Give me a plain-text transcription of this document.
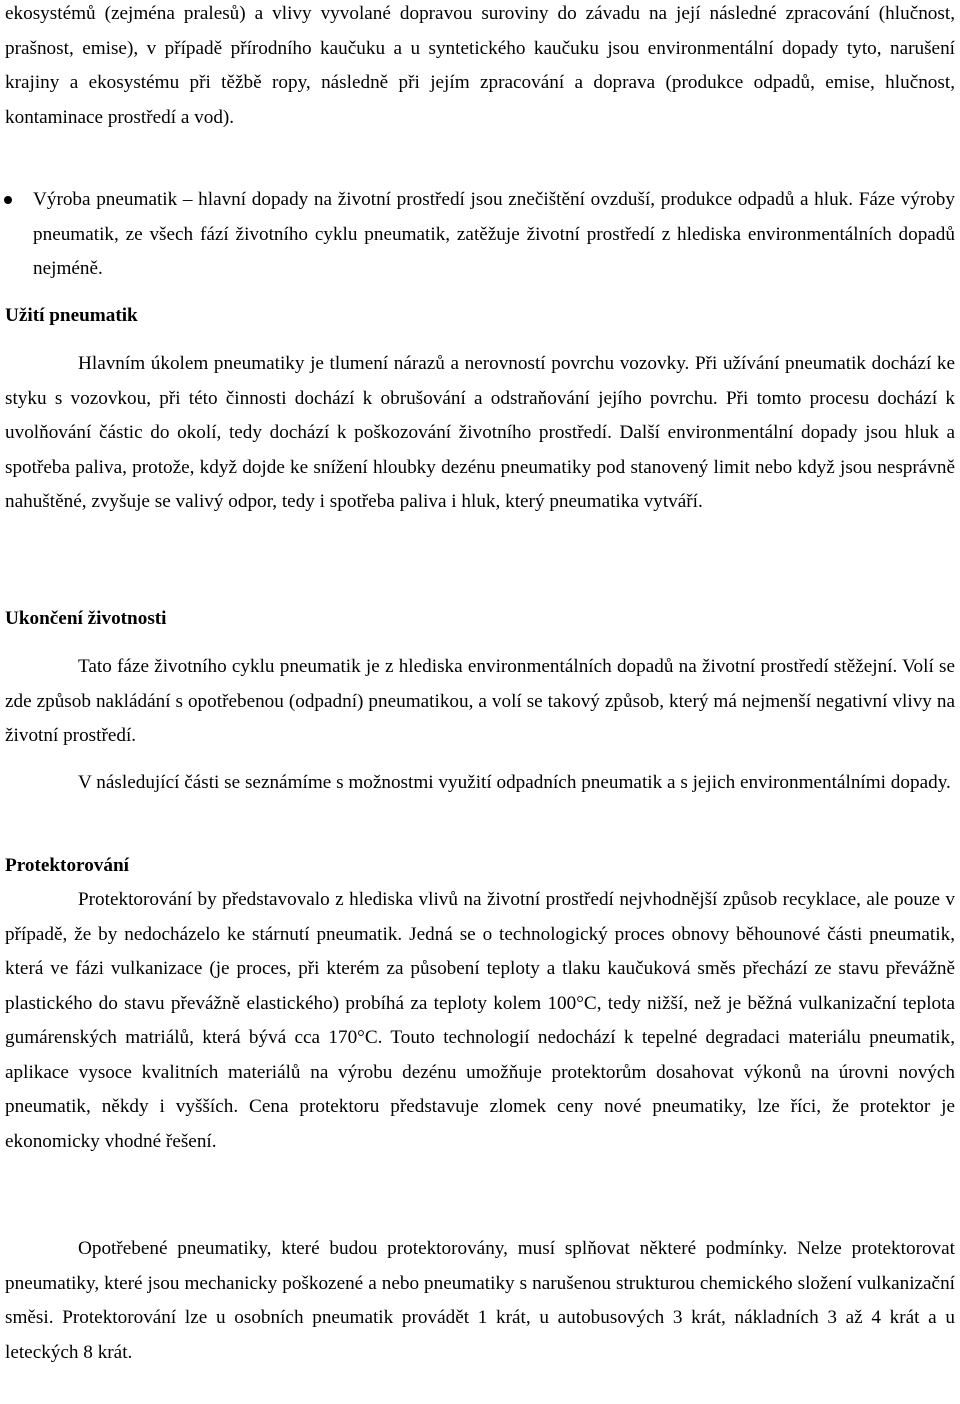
ekosystémů (zejména pralesů) a vlivy vyvolané dopravou suroviny do závadu na její následné zpracování (hlučnost, prašnost, emise), v případě přírodního kaučuku a u syntetického kaučuku jsou environmentální dopady tyto, narušení krajiny a ekosystému při těžbě ropy, následně při jejím zpracování a doprava (produkce odpadů, emise, hlučnost, kontaminace prostředí a vod).

Výroba pneumatik – hlavní dopady na životní prostředí jsou znečištění ovzduší, produkce odpadů a hluk. Fáze výroby pneumatik, ze všech fází životního cyklu pneumatik, zatěžuje životní prostředí z hlediska environmentálních dopadů nejméně.

Užití pneumatik

Hlavním úkolem pneumatiky je tlumení nárazů a nerovností povrchu vozovky. Při užívání pneumatik dochází ke styku s vozovkou, při této činnosti dochází k obrušování a odstraňování jejího povrchu. Při tomto procesu dochází k uvolňování částic do okolí, tedy dochází k poškozování životního prostředí. Další environmentální dopady jsou hluk a spotřeba paliva, protože, když dojde ke snížení hloubky dezénu pneumatiky pod stanovený limit nebo když jsou nesprávně nahuštěné, zvyšuje se valivý odpor, tedy i spotřeba paliva i hluk, který pneumatika vytváří.

Ukončení životnosti

Tato fáze životního cyklu pneumatik je z hlediska environmentálních dopadů na životní prostředí stěžejní. Volí se zde způsob nakládání s opotřebenou (odpadní) pneumatikou, a volí se takový způsob, který má nejmenší negativní vlivy na životní prostředí.

V následující části se seznámíme s možnostmi využití odpadních pneumatik a s jejich environmentálními dopady.

Protektorování

Protektorování by představovalo z hlediska vlivů na životní prostředí nejvhodnější způsob recyklace, ale pouze v případě, že by nedocházelo ke stárnutí pneumatik. Jedná se o technologický proces obnovy běhounové části pneumatik, která ve fázi vulkanizace (je proces, při kterém za působení teploty a tlaku kaučuková směs přechází ze stavu převážně plastického do stavu převážně elastického) probíhá za teploty kolem 100°C, tedy nižší, než je běžná vulkanizační teplota gumárenských matriálů, která bývá cca 170°C. Touto technologií nedochází k tepelné degradaci materiálu pneumatik, aplikace vysoce kvalitních materiálů na výrobu dezénu umožňuje protektorům dosahovat výkonů na úrovni nových pneumatik, někdy i vyšších. Cena protektoru představuje zlomek ceny nové pneumatiky, lze říci, že protektor je ekonomicky vhodné řešení.

Opotřebené pneumatiky, které budou protektorovány, musí splňovat některé podmínky. Nelze protektorovat pneumatiky, které jsou mechanicky poškozené a nebo pneumatiky s narušenou strukturou chemického složení vulkanizační směsi. Protektorování lze u osobních pneumatik provádět 1 krát, u autobusových 3 krát, nákladních 3 až 4 krát a u leteckých 8 krát.
